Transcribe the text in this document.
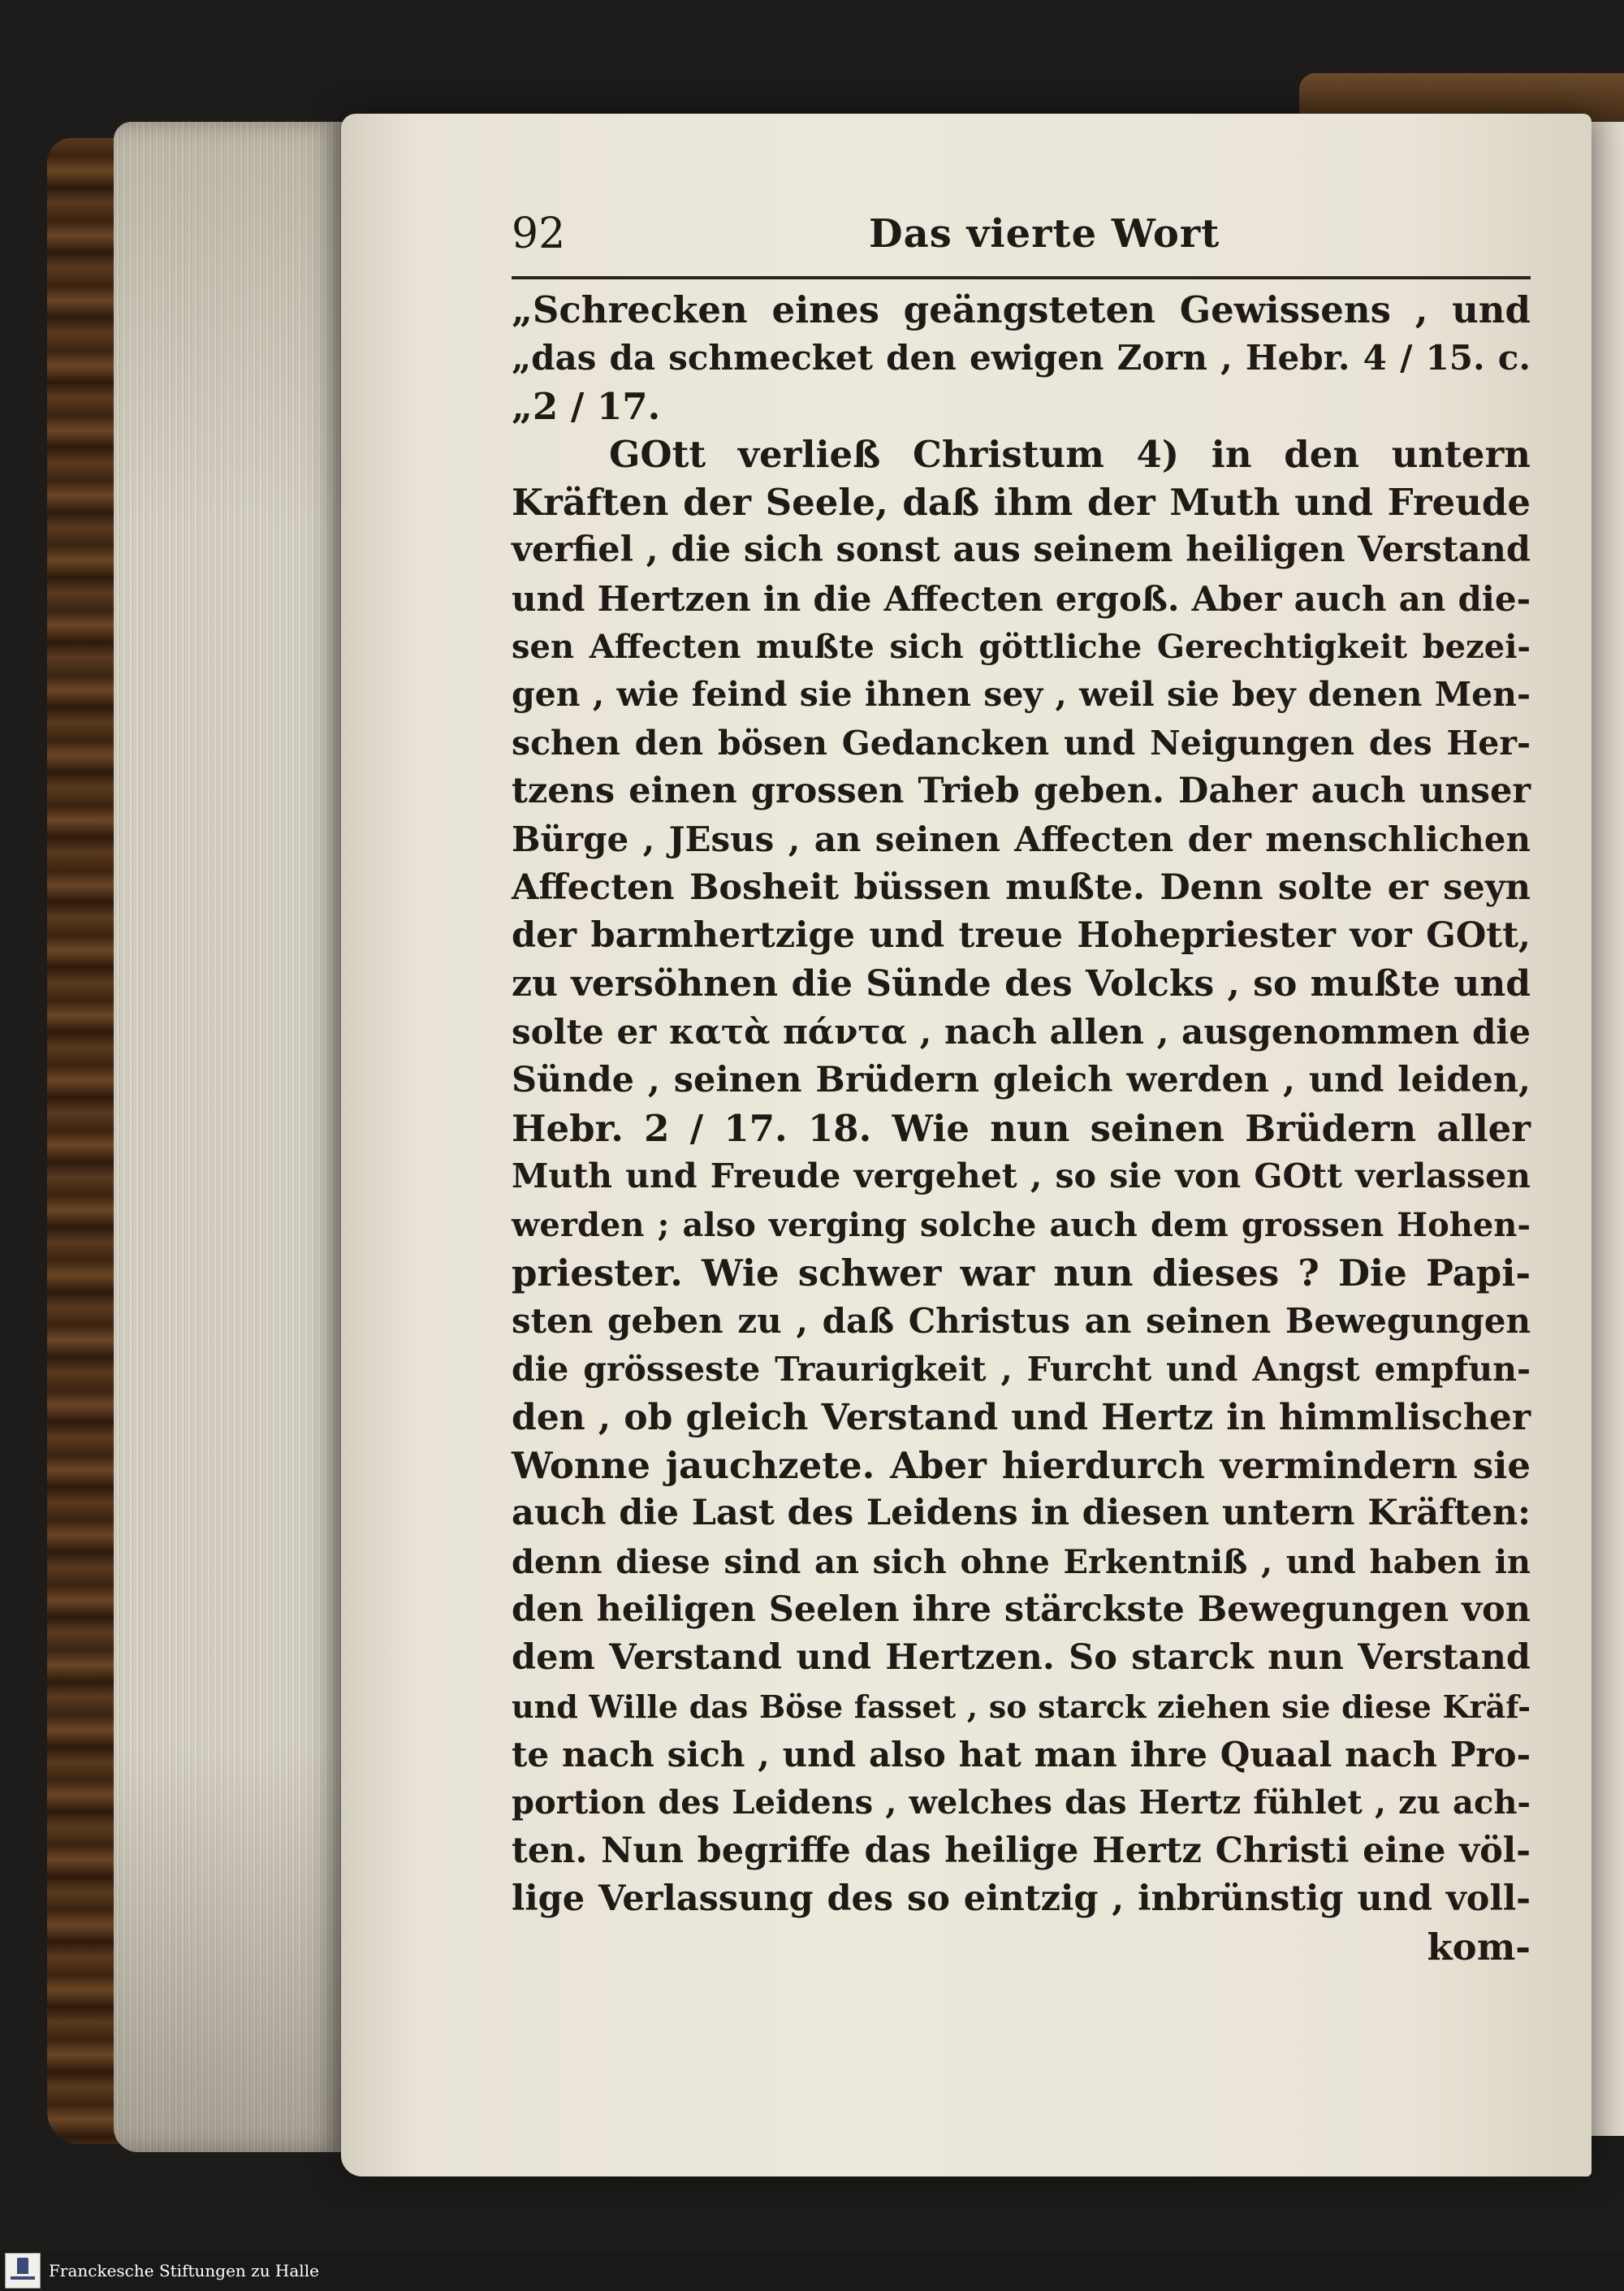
92	Das vierte Wort
„Schrecken eines geängsteten Gewissens , und
„das da schmecket den ewigen Zorn , Hebr. 4 / 15. c.
„2 / 17.
GOtt verließ Christum 4) in den untern
Kräften der Seele, daß ihm der Muth und Freude
verfiel , die sich sonst aus seinem heiligen Verstand
und Hertzen in die Affecten ergoß. Aber auch an die-
sen Affecten mußte sich göttliche Gerechtigkeit bezei-
gen , wie feind sie ihnen sey , weil sie bey denen Men-
schen den bösen Gedancken und Neigungen des Her-
tzens einen grossen Trieb geben. Daher auch unser
Bürge , JEsus , an seinen Affecten der menschlichen
Affecten Bosheit büssen mußte. Denn solte er seyn
der barmhertzige und treue Hohepriester vor GOtt,
zu versöhnen die Sünde des Volcks , so mußte und
solte er κατὰ πάντα , nach allen , ausgenommen die
Sünde , seinen Brüdern gleich werden , und leiden,
Hebr. 2 / 17. 18. Wie nun seinen Brüdern aller
Muth und Freude vergehet , so sie von GOtt verlassen
werden ; also verging solche auch dem grossen Hohen-
priester. Wie schwer war nun dieses ? Die Papi-
sten geben zu , daß Christus an seinen Bewegungen
die grösseste Traurigkeit , Furcht und Angst empfun-
den , ob gleich Verstand und Hertz in himmlischer
Wonne jauchzete. Aber hierdurch vermindern sie
auch die Last des Leidens in diesen untern Kräften:
denn diese sind an sich ohne Erkentniß , und haben in
den heiligen Seelen ihre stärckste Bewegungen von
dem Verstand und Hertzen. So starck nun Verstand
und Wille das Böse fasset , so starck ziehen sie diese Kräf-
te nach sich , und also hat man ihre Quaal nach Pro-
portion des Leidens , welches das Hertz fühlet , zu ach-
ten. Nun begriffe das heilige Hertz Christi eine völ-
lige Verlassung des so eintzig , inbrünstig und voll-
kom-
Franckesche Stiftungen zu Halle
